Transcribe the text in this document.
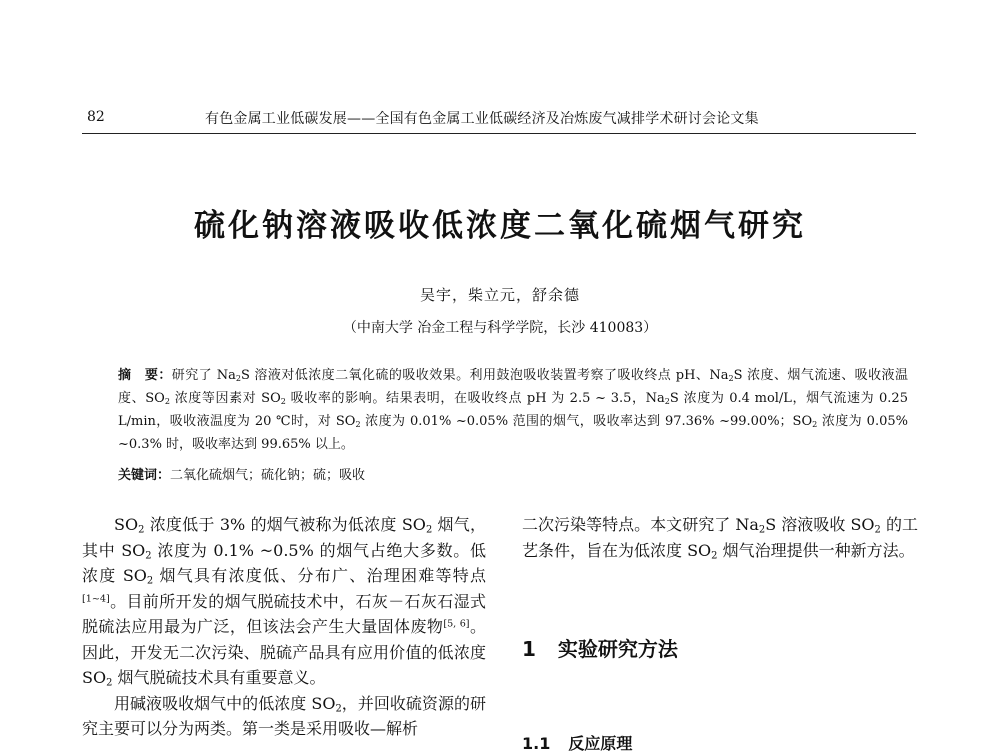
82	有色金属工业低碳发展——全国有色金属工业低碳经济及冶炼废气减排学术研讨会论文集
硫化钠溶液吸收低浓度二氧化硫烟气研究
吴宇，柴立元，舒余德
（中南大学 冶金工程与科学学院，长沙 410083）
摘　要：研究了 $Na_2S$ 溶液对低浓度二氧化硫的吸收效果。利用鼓泡吸收装置考察了吸收终点 pH、$Na_2S$ 浓度、烟气流速、吸收液温度、$SO_2$ 浓度等因素对 $SO_2$ 吸收率的影响。结果表明，在吸收终点 pH 为 2.5 ~ 3.5，$Na_2S$ 浓度为 0.4 mol/L，烟气流速为 0.25 L/min，吸收液温度为 20 ℃时，对 $SO_2$ 浓度为 0.01% ~0.05% 范围的烟气，吸收率达到 97.36% ~99.00%；$SO_2$ 浓度为 0.05% ~0.3% 时，吸收率达到 99.65% 以上。
关键词：二氧化硫烟气；硫化钠；硫；吸收

$SO_2$ 浓度低于 3% 的烟气被称为低浓度 $SO_2$ 烟气，其中 $SO_2$ 浓度为 0.1% ~0.5% 的烟气占绝大多数。低浓度 $SO_2$ 烟气具有浓度低、分布广、治理困难等特点[1~4]。目前所开发的烟气脱硫技术中，石灰－石灰石湿式脱硫法应用最为广泛，但该法会产生大量固体废物[5, 6]。因此，开发无二次污染、脱硫产品具有应用价值的低浓度 $SO_2$ 烟气脱硫技术具有重要意义。

用碱液吸收烟气中的低浓度 $SO_2$，并回收硫资源的研究主要可以分为两类。第一类是采用吸收—解析

二次污染等特点。本文研究了 $Na_2S$ 溶液吸收 $SO_2$ 的工艺条件，旨在为低浓度 $SO_2$ 烟气治理提供一种新方法。

1 实验研究方法
1.1 反应原理
